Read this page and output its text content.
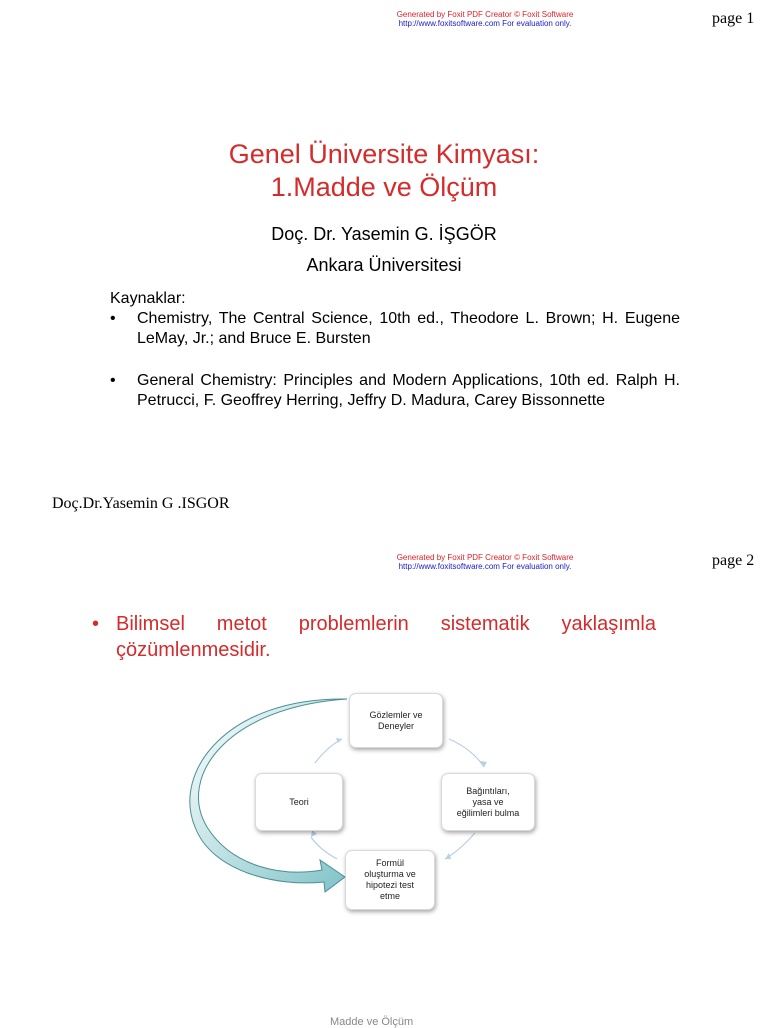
Generated by Foxit PDF Creator © Foxit Software
http://www.foxitsoftware.com For evaluation only.	page 1
Genel Üniversite Kimyası:
1.Madde ve Ölçüm
Doç. Dr. Yasemin G. İŞGÖR
Ankara Üniversitesi
Kaynaklar:
• Chemistry, The Central Science, 10th ed., Theodore L. Brown; H. Eugene LeMay, Jr.; and Bruce E. Bursten
• General Chemistry: Principles and Modern Applications, 10th ed. Ralph H. Petrucci, F. Geoffrey Herring, Jeffry D. Madura, Carey Bissonnette
Doç.Dr.Yasemin G .ISGOR
Generated by Foxit PDF Creator © Foxit Software
http://www.foxitsoftware.com For evaluation only.	page 2
• Bilimsel metot problemlerin sistematik yaklaşımla çözümlenmesidir.
Gözlemler ve
Deneyler
Bağıntıları,
yasa ve
eğilimleri bulma
Formül
oluşturma ve
hipotezi test
etme
Teori
Madde ve Ölçüm
